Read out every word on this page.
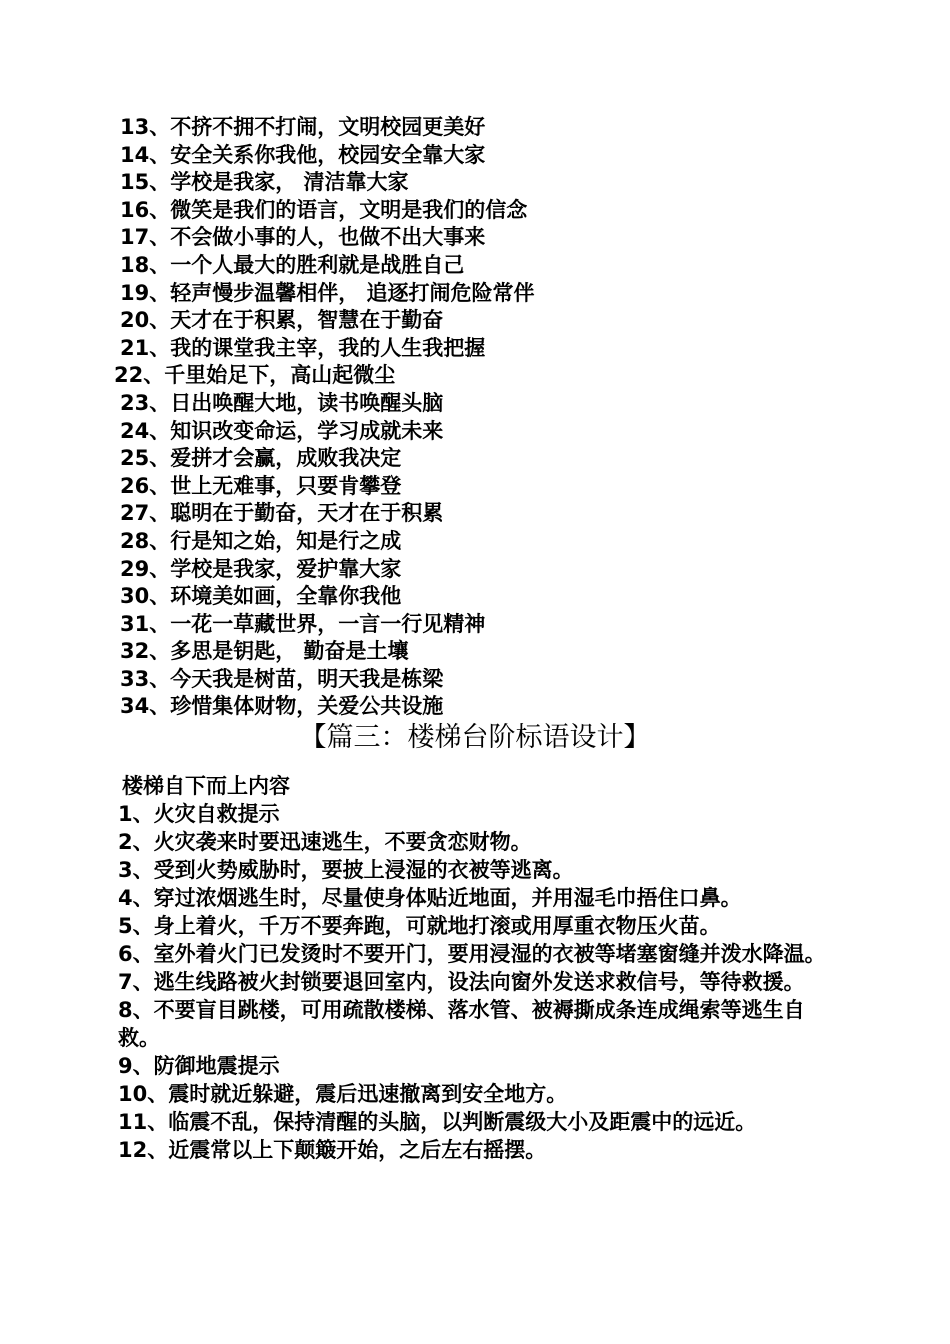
13、不挤不拥不打闹，文明校园更美好
14、安全关系你我他，校园安全靠大家
15、学校是我家， 清洁靠大家
16、微笑是我们的语言，文明是我们的信念
17、不会做小事的人，也做不出大事来
18、一个人最大的胜利就是战胜自己
19、轻声慢步温馨相伴， 追逐打闹危险常伴
20、天才在于积累，智慧在于勤奋
21、我的课堂我主宰，我的人生我把握
22、千里始足下，高山起微尘
23、日出唤醒大地，读书唤醒头脑
24、知识改变命运，学习成就未来
25、爱拼才会赢，成败我决定
26、世上无难事，只要肯攀登
27、聪明在于勤奋，天才在于积累
28、行是知之始，知是行之成
29、学校是我家，爱护靠大家
30、环境美如画，全靠你我他
31、一花一草藏世界，一言一行见精神
32、多思是钥匙， 勤奋是土壤
33、今天我是树苗，明天我是栋梁
34、珍惜集体财物，关爱公共设施
【篇三：楼梯台阶标语设计】
楼梯自下而上内容
1、火灾自救提示
2、火灾袭来时要迅速逃生，不要贪恋财物。
3、受到火势威胁时，要披上浸湿的衣被等逃离。
4、穿过浓烟逃生时，尽量使身体贴近地面，并用湿毛巾捂住口鼻。
5、身上着火，千万不要奔跑，可就地打滚或用厚重衣物压火苗。
6、室外着火门已发烫时不要开门，要用浸湿的衣被等堵塞窗缝并泼水降温。
7、逃生线路被火封锁要退回室内，设法向窗外发送求救信号，等待救援。
8、不要盲目跳楼，可用疏散楼梯、落水管、被褥撕成条连成绳索等逃生自救。
9、防御地震提示
10、震时就近躲避，震后迅速撤离到安全地方。
11、临震不乱，保持清醒的头脑，以判断震级大小及距震中的远近。
12、近震常以上下颠簸开始，之后左右摇摆。
